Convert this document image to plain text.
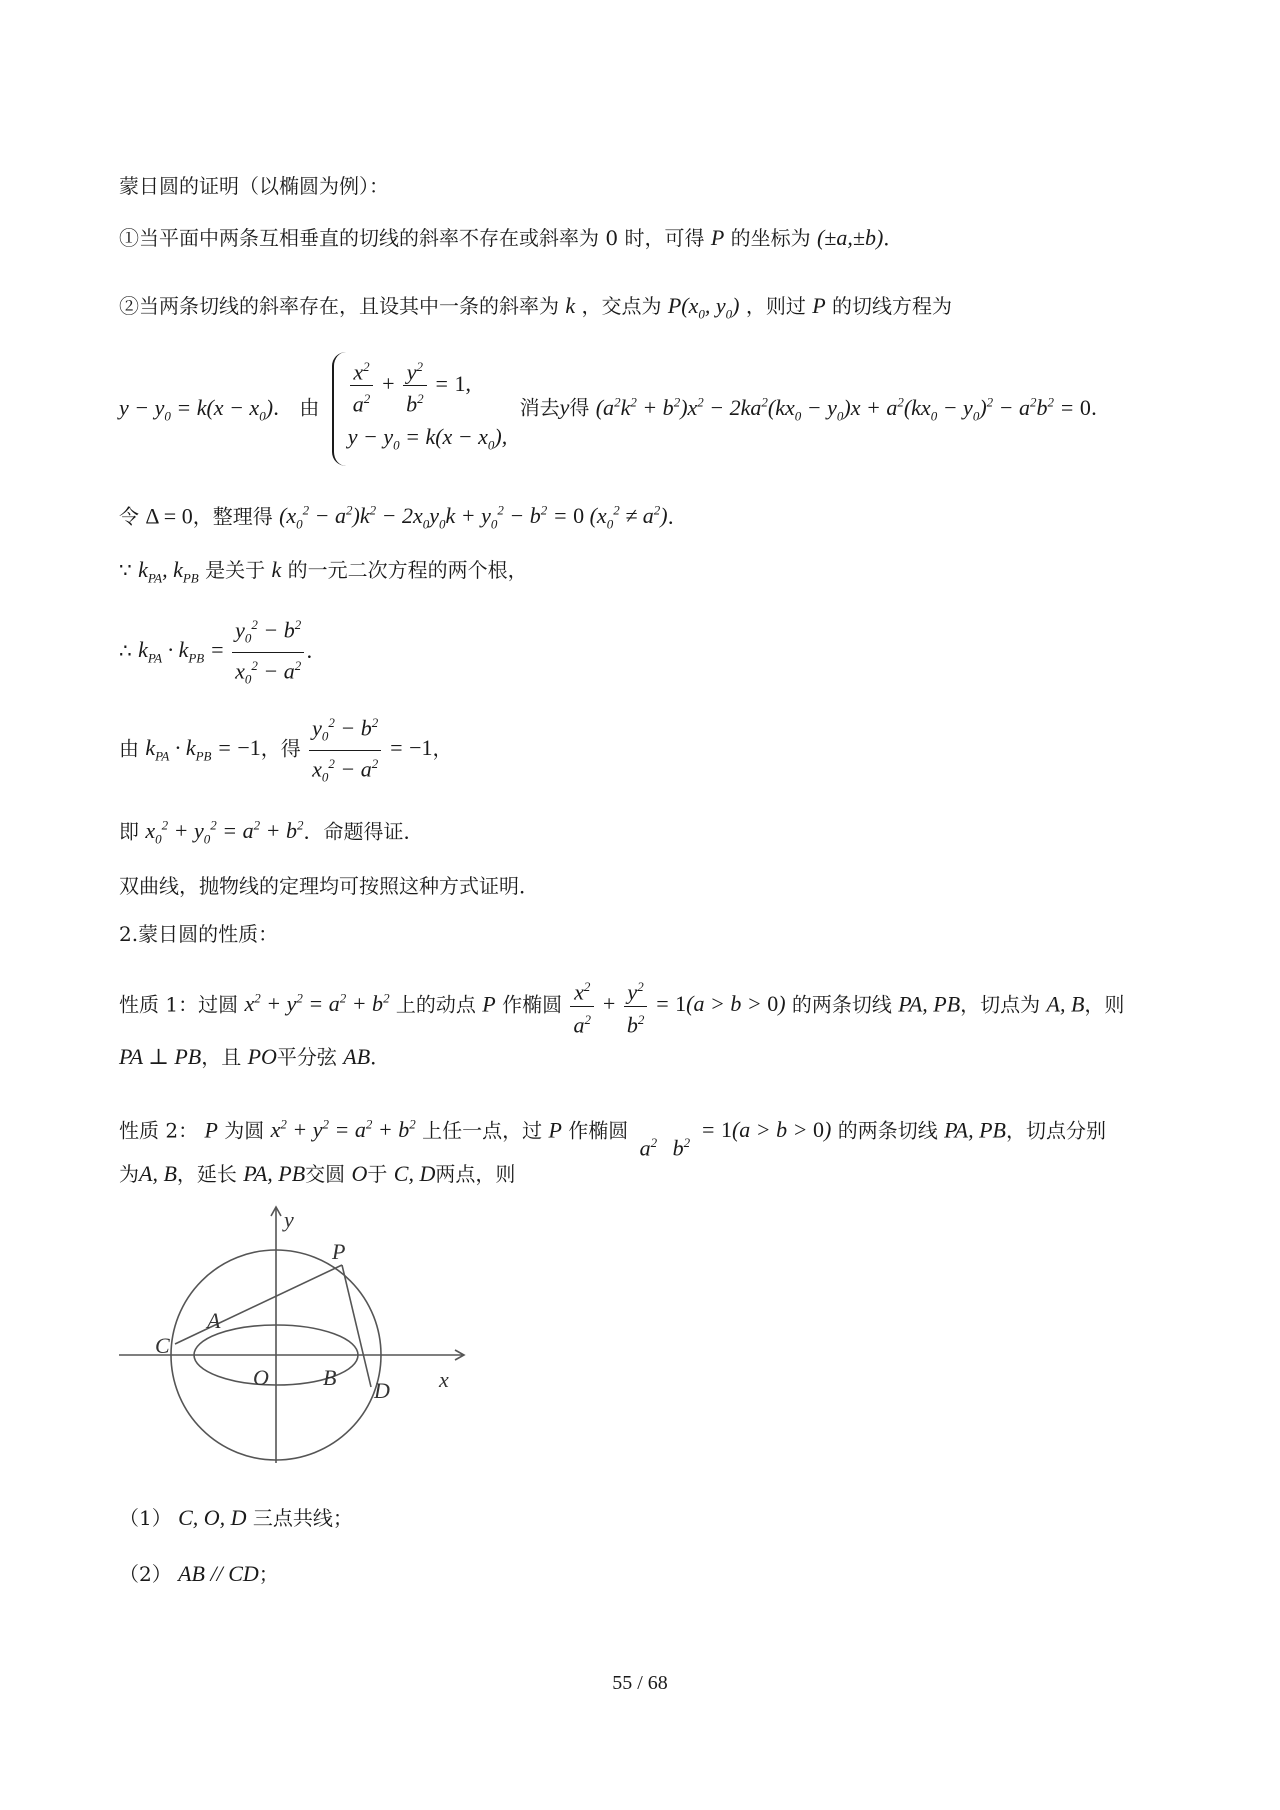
蒙日圆的证明（以椭圆为例）：
①当平面中两条互相垂直的切线的斜率不存在或斜率为 0 时，可得 P 的坐标为 (±a,±b)．
②当两条切线的斜率存在，且设其中一条的斜率为 k ，交点为 $P(x_0$, $y_0$) ，则过 P 的切线方程为
$y - y_0 = k(x - x_0)$． 由 $\frac{x^2}{a^2} + \frac{y^2}{b^2} = 1$,
$y - y_0 = k(x - x_0)$,
消去y得 $(a^2k^2 + b^2)x^2 - 2ka^2(kx_0 - y_0)x + a^2(kx_0 - y_0)^2 - a^2b^2 = 0$．
令 Δ = 0，整理得 $(x_0^2 - a^2)k^2 - 2x_0y_0k + y_0^2 - b^2 = 0$ $(x_0^2 \ne a^2)$．
∵ $k_{PA}$, $k_{PB}$ 是关于 k 的一元二次方程的两个根，
∴ $k_{PA} \cdot k_{PB} = \frac{y_0^2 - b^2}{x_0^2 - a^2}$ ．
由 $k_{PA} \cdot k_{PB} = -1$，得 $\frac{y_0^2 - b^2}{x_0^2 - a^2} = -1$，
即 $x_0^2 + y_0^2 = a^2 + b^2$．命题得证．
双曲线，抛物线的定理均可按照这种方式证明．
2.蒙日圆的性质：
性质 1：过圆 $x^2 + y^2 = a^2 + b^2$ 上的动点 P 作椭圆 $\frac{x^2}{a^2} + \frac{y^2}{b^2} = 1(a > b > 0)$ 的两条切线 PA, PB，切点为 A, B，则
PA ⊥ PB，且 PO平分弦 AB．
性质 2： P 为圆 $x^2 + y^2 = a^2 + b^2$ 上任一点，过 P 作椭圆

$a^2$

$b^2 = 1(a > b > 0)$ 的两条切线 PA, PB，切点分别
为A, B，延长 PA, PB交圆 O于 C, D两点，则
y
x
P
A
C
O B
D
（1） C, O, D 三点共线；
（2） AB // CD；
55 / 68
